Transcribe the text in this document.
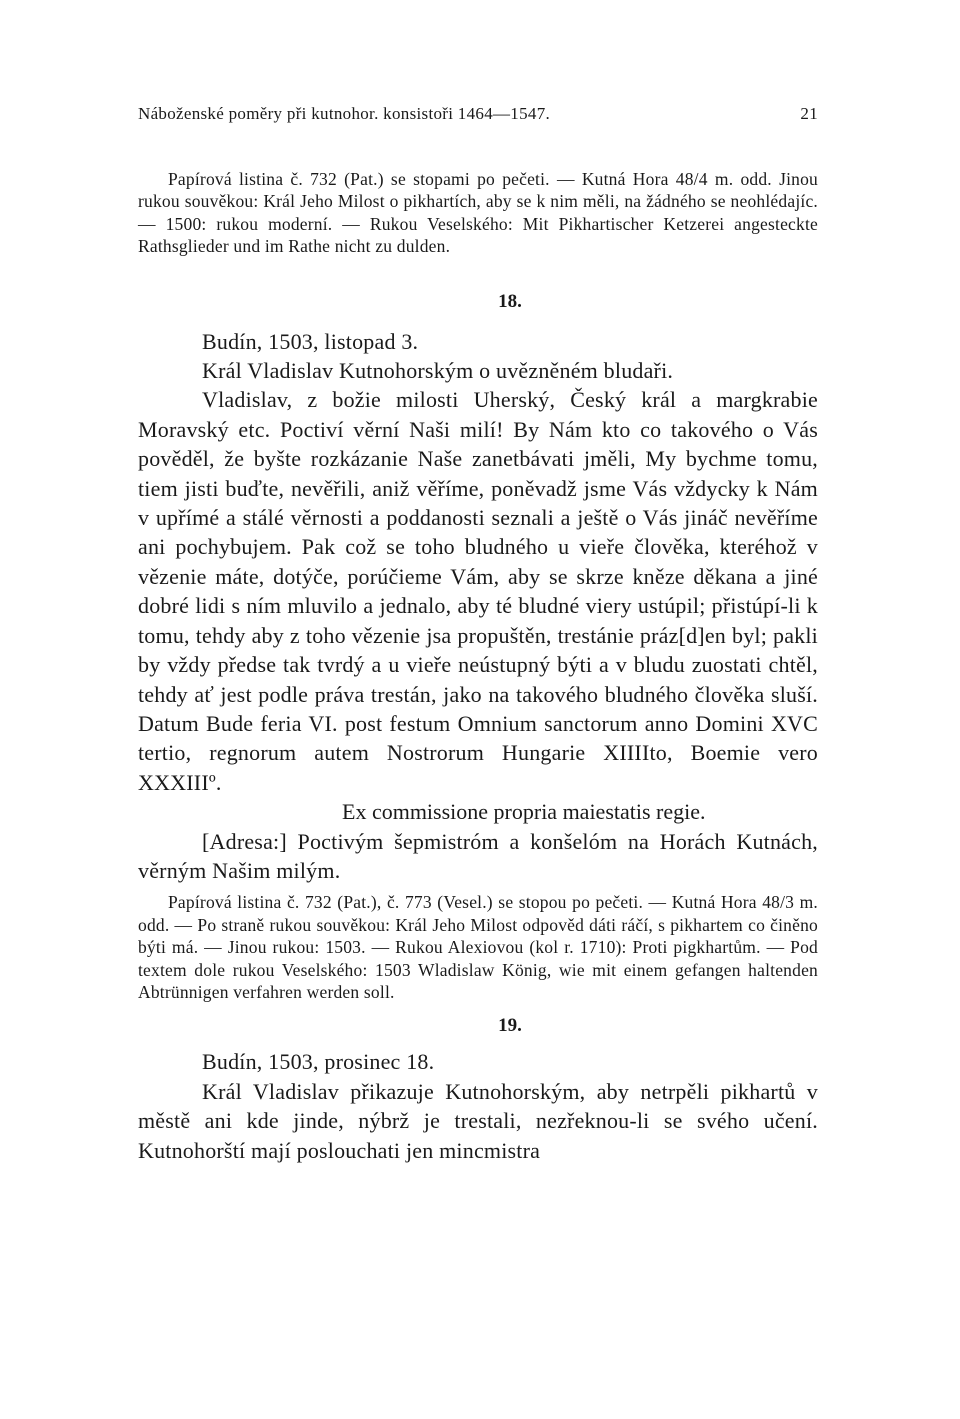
Náboženské poměry při kutnohor. konsistoři 1464—1547.	21

Papírová listina č. 732 (Pat.) se stopami po pečeti. — Kutná Hora 48/4 m. odd. Jinou rukou souvěkou: Král Jeho Milost o pikhartích, aby se k nim měli, na žádného se neohlédajíc. — 1500: rukou moderní. — Rukou Veselského: Mit Pikhartischer Ketzerei angesteckte Rathsglieder und im Rathe nicht zu dulden.

18.

Budín, 1503, listopad 3.

Král Vladislav Kutnohorským o uvězněném bludaři.

Vladislav, z božie milosti Uherský, Český král a margkrabie Moravský etc. Poctiví věrní Naši milí! By Nám kto co takového o Vás pověděl, že byšte rozkázanie Naše zanetbávati jměli, My bychme tomu, tiem jisti buďte, nevěřili, aniž věříme, poněvadž jsme Vás vždycky k Nám v upřímé a stálé věrnosti a poddanosti seznali a ještě o Vás jináč nevěříme ani pochybujem. Pak což se toho bludného u vieře člověka, kteréhož v vězenie máte, dotýče, porúčieme Vám, aby se skrze kněze děkana a jiné dobré lidi s ním mluvilo a jednalo, aby té bludné viery ustúpil; přistúpí-li k tomu, tehdy aby z toho vězenie jsa propuštěn, trestánie práz[d]en byl; pakli by vždy předse tak tvrdý a u vieře neústupný býti a v bludu zuostati chtěl, tehdy ať jest podle práva trestán, jako na takového bludného člověka sluší. Datum Bude feria VI. post festum Omnium sanctorum anno Domini XVC tertio, regnorum autem Nostrorum Hungarie XIIIIto, Boemie vero XXXIIIº.

Ex commissione propria maiestatis regie.

[Adresa:] Poctivým šepmistróm a konšelóm na Horách Kutnách, věrným Našim milým.

Papírová listina č. 732 (Pat.), č. 773 (Vesel.) se stopou po pečeti. — Kutná Hora 48/3 m. odd. — Po straně rukou souvěkou: Král Jeho Milost odpověd dáti ráčí, s pikhartem co činěno býti má. — Jinou rukou: 1503. — Rukou Alexiovou (kol r. 1710): Proti pigkhartům. — Pod textem dole rukou Veselského: 1503 Wladislaw König, wie mit einem gefangen haltenden Abtrünnigen verfahren werden soll.

19.

Budín, 1503, prosinec 18.

Král Vladislav přikazuje Kutnohorským, aby netrpěli pikhartů v městě ani kde jinde, nýbrž je trestali, nezřeknou-li se svého učení. Kutnohorští mají poslouchati jen mincmistra
